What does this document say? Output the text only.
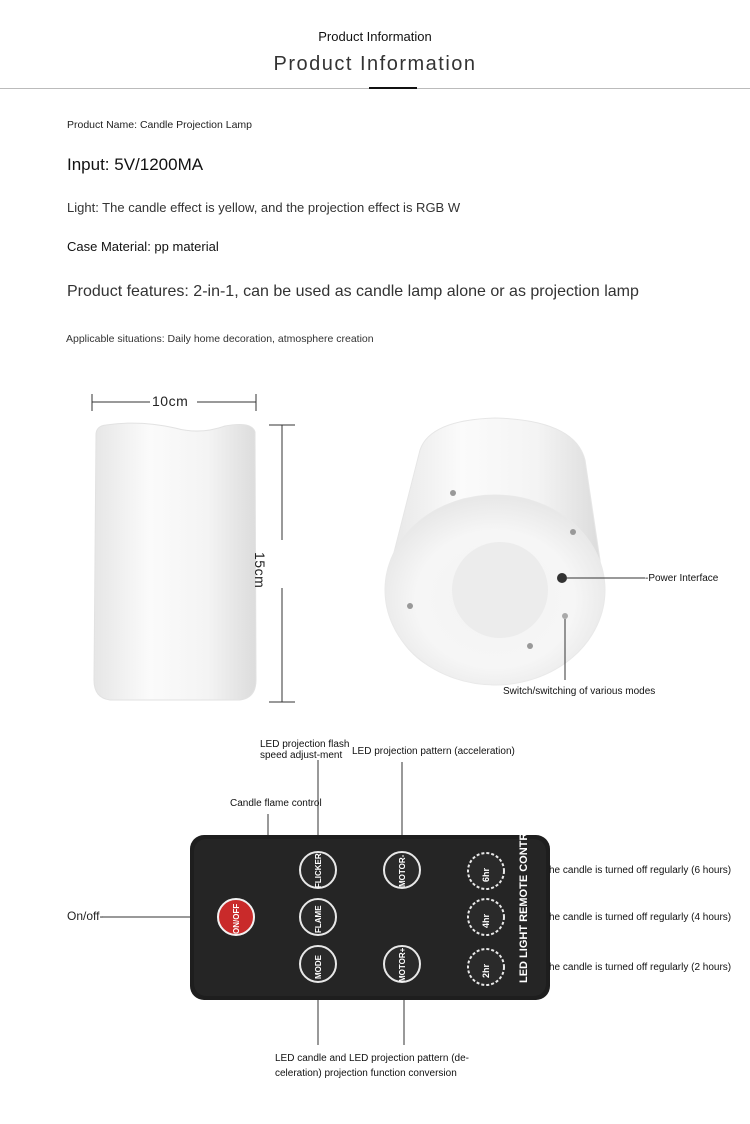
Product Information
Product Information
Product Name: Candle Projection Lamp
Input: 5V/1200MA
Light: The candle effect is yellow, and the projection effect is RGB W
Case Material: pp material
Product features: 2-in-1, can be used as candle lamp alone or as projection lamp
Applicable situations: Daily home decoration, atmosphere creation
10cm
15cm	-Power Interface
Switch/switching of various modes
LED LIGHT REMOTE CONTROL
ON/OFF
FLICKER
FLAME
MODE
MOTOR-
MOTOR+
6hr
4hr
2hr
LED projection flash speed adjust-ment LED projection pattern (acceleration)
Candle flame control
On/off-
he candle is turned off regularly (6 hours)
he candle is turned off regularly (4 hours)
he candle is turned off regularly (2 hours)
LED candle and LED projection pattern (de-celeration) projection function conversion
